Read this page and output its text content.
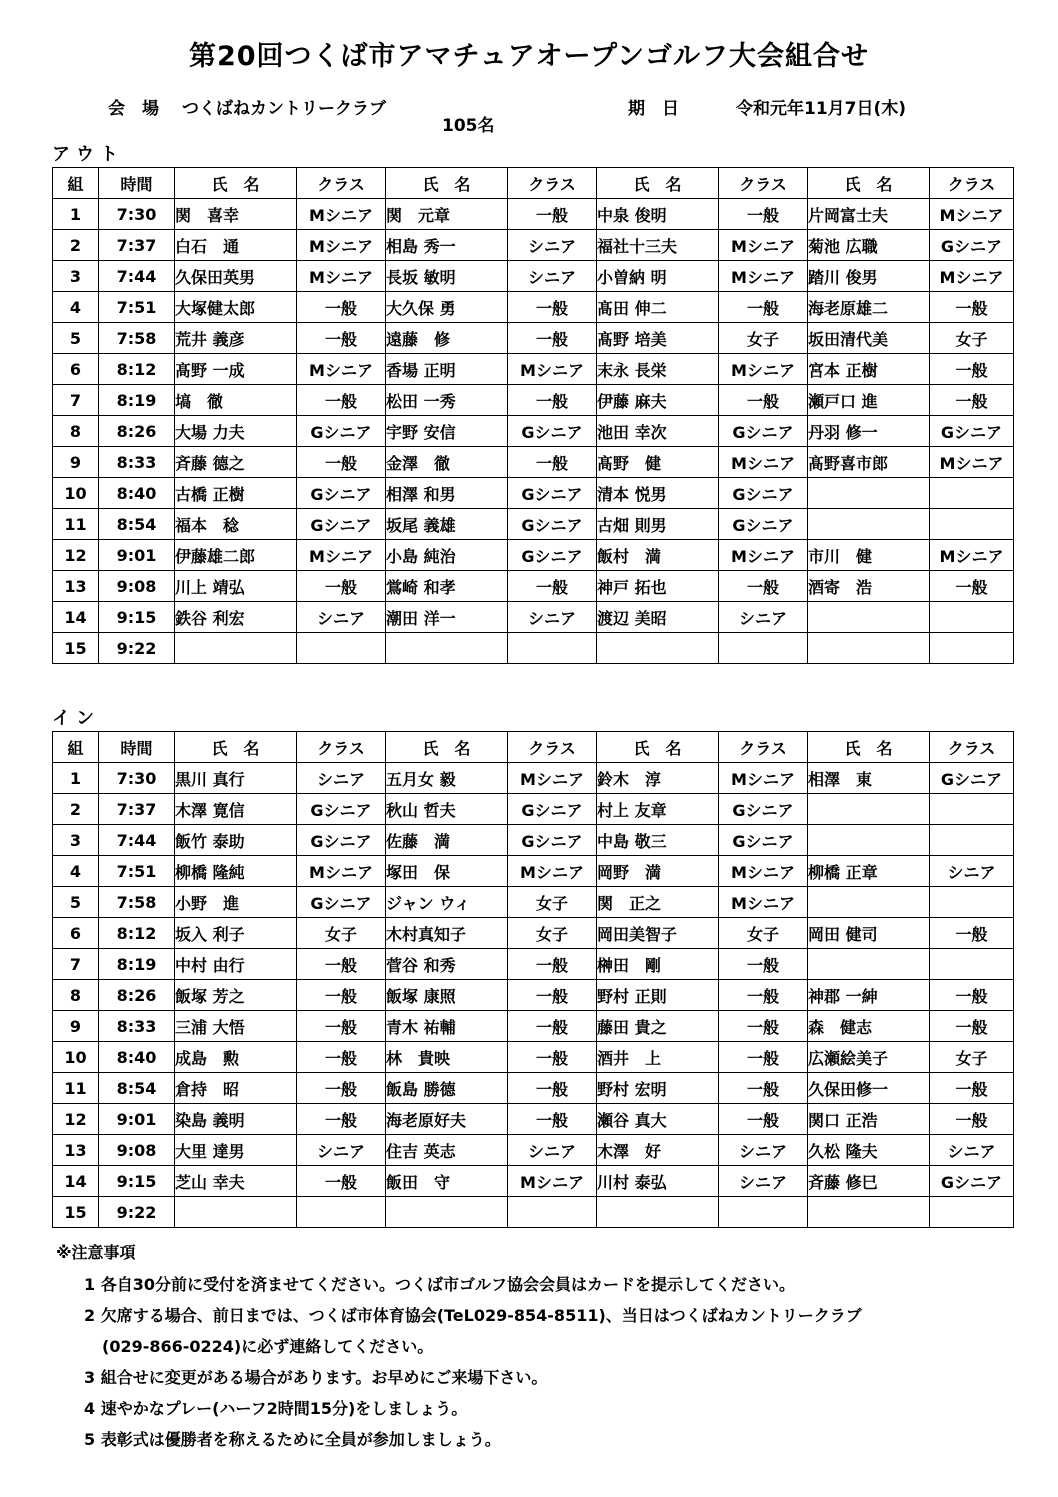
第20回つくば市アマチュアオープンゴルフ大会組合せ
会　場 つくばねカントリークラブ
105名
期　日	令和元年11月7日(木)
アウト
組	時間	氏　名	クラス	氏　名	クラス	氏　名	クラス	氏　名	クラス
1	7:30	関　喜幸	Mシニア	関　元章	一般	中泉 俊明	一般	片岡富士夫	Mシニア
2	7:37	白石　通	Mシニア	相島 秀一	シニア	福社十三夫	Mシニア	菊池 広職	Gシニア
3	7:44	久保田英男	Mシニア	長坂 敏明	シニア	小曽納 明	Mシニア	踏川 俊男	Mシニア
4	7:51	大塚健太郎	一般	大久保 勇	一般	髙田 伸二	一般	海老原雄二	一般
5	7:58	荒井 義彦	一般	遠藤　修	一般	髙野 培美	女子	坂田清代美	女子
6	8:12	髙野 一成	Mシニア	香場 正明	Mシニア	末永 長栄	Mシニア	宮本 正樹	一般
7	8:19	塙　徹	一般	松田 一秀	一般	伊藤 麻夫	一般	瀬戸口 進	一般
8	8:26	大場 力夫	Gシニア	宇野 安信	Gシニア	池田 幸次	Gシニア	丹羽 修一	Gシニア
9	8:33	斉藤 德之	一般	金澤　徹	一般	髙野　健	Mシニア	髙野喜市郎	Mシニア
10	8:40	古橋 正樹	Gシニア	相澤 和男	Gシニア	清本 悦男	Gシニア		
11	8:54	福本　稔	Gシニア	坂尾 義雄	Gシニア	古畑 則男	Gシニア		
12	9:01	伊藤雄二郎	Mシニア	小島 純治	Gシニア	飯村　満	Mシニア	市川　健	Mシニア
13	9:08	川上 靖弘	一般	鴬崎 和孝	一般	神戸 拓也	一般	酒寄　浩	一般
14	9:15	鉄谷 利宏	シニア	潮田 洋一	シニア	渡辺 美昭	シニア		
15	9:22								
イン
組	時間	氏　名	クラス	氏　名	クラス	氏　名	クラス	氏　名	クラス
1	7:30	黒川 真行	シニア	五月女 毅	Mシニア	鈴木　淳	Mシニア	相澤　東	Gシニア
2	7:37	木澤 寛信	Gシニア	秋山 哲夫	Gシニア	村上 友章	Gシニア		
3	7:44	飯竹 泰助	Gシニア	佐藤　満	Gシニア	中島 敬三	Gシニア		
4	7:51	柳橋 隆純	Mシニア	塚田　保	Mシニア	岡野　満	Mシニア	柳橋 正章	シニア
5	7:58	小野　進	Gシニア	ジャン ウィ	女子	関　正之	Mシニア		
6	8:12	坂入 利子	女子	木村真知子	女子	岡田美智子	女子	岡田 健司	一般
7	8:19	中村 由行	一般	菅谷 和秀	一般	榊田　剛	一般		
8	8:26	飯塚 芳之	一般	飯塚 康照	一般	野村 正則	一般	神郡 一紳	一般
9	8:33	三浦 大悟	一般	青木 祐輔	一般	藤田 貴之	一般	森　健志	一般
10	8:40	成島　勲	一般	林　貴映	一般	酒井　上	一般	広瀬絵美子	女子
11	8:54	倉持　昭	一般	飯島 勝德	一般	野村 宏明	一般	久保田修一	一般
12	9:01	染島 義明	一般	海老原好夫	一般	瀬谷 真大	一般	関口 正浩	一般
13	9:08	大里 達男	シニア	住吉 英志	シニア	木澤　好	シニア	久松 隆夫	シニア
14	9:15	芝山 幸夫	一般	飯田　守	Mシニア	川村 泰弘	シニア	斉藤 修巳	Gシニア
15	9:22								
※注意事項
1 各自30分前に受付を済ませてください。つくば市ゴルフ協会会員はカードを提示してください。
2 欠席する場合、前日までは、つくば市体育協会(TeL029-854-8511)、当日はつくばねカントリークラブ
(029-866-0224)に必ず連絡してください。
3 組合せに変更がある場合があります。お早めにご来場下さい。
4 速やかなプレー(ハーフ2時間15分)をしましょう。
5 表彰式は優勝者を称えるために全員が参加しましょう。
